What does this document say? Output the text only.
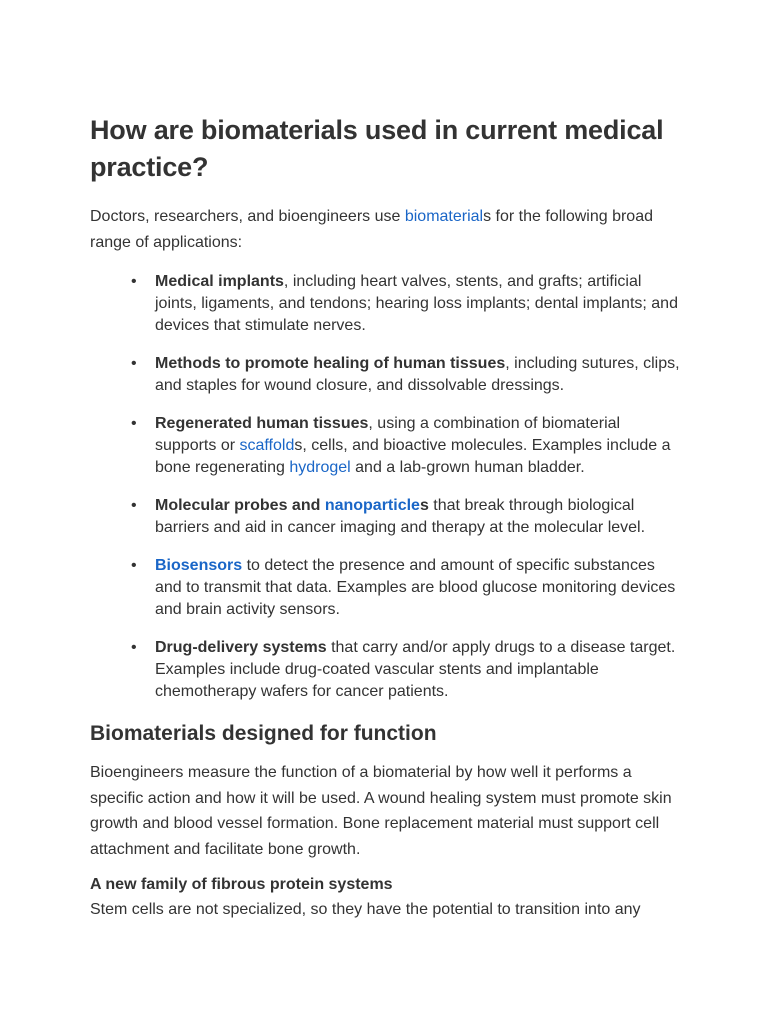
How are biomaterials used in current medical practice?

Doctors, researchers, and bioengineers use biomaterials for the following broad range of applications:

• Medical implants, including heart valves, stents, and grafts; artificial joints, ligaments, and tendons; hearing loss implants; dental implants; and devices that stimulate nerves.
• Methods to promote healing of human tissues, including sutures, clips, and staples for wound closure, and dissolvable dressings.
• Regenerated human tissues, using a combination of biomaterial supports or scaffolds, cells, and bioactive molecules. Examples include a bone regenerating hydrogel and a lab-grown human bladder.
• Molecular probes and nanoparticles that break through biological barriers and aid in cancer imaging and therapy at the molecular level.
• Biosensors to detect the presence and amount of specific substances and to transmit that data. Examples are blood glucose monitoring devices and brain activity sensors.
• Drug-delivery systems that carry and/or apply drugs to a disease target. Examples include drug-coated vascular stents and implantable chemotherapy wafers for cancer patients.
Biomaterials designed for function

Bioengineers measure the function of a biomaterial by how well it performs a specific action and how it will be used. A wound healing system must promote skin growth and blood vessel formation. Bone replacement material must support cell attachment and facilitate bone growth.

A new family of fibrous protein systems

Stem cells are not specialized, so they have the potential to transition into any
